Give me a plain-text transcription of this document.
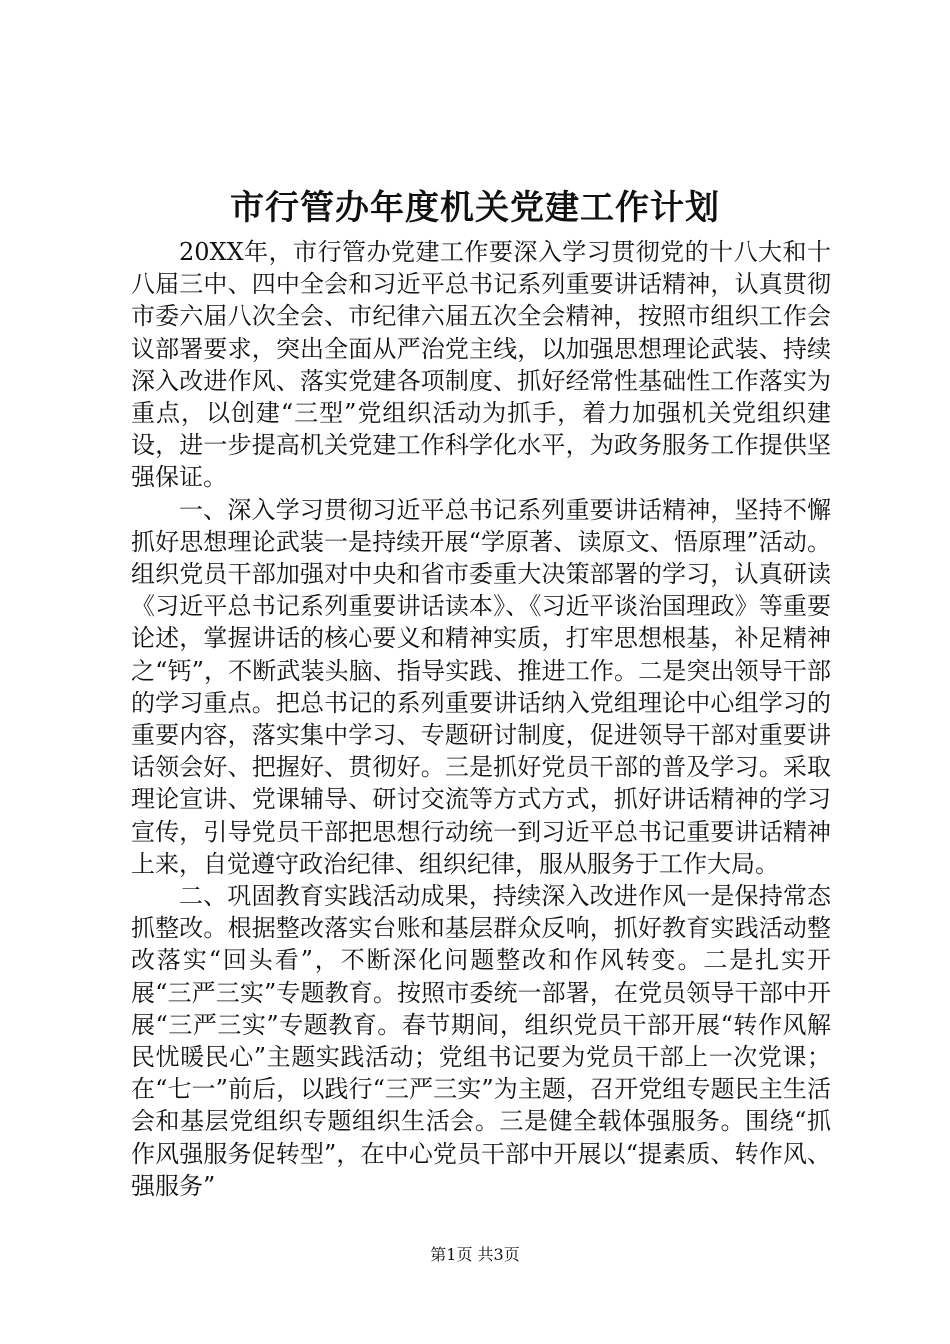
市行管办年度机关党建工作计划

20XX年，市行管办党建工作要深入学习贯彻党的十八大和十八届三中、四中全会和习近平总书记系列重要讲话精神，认真贯彻市委六届八次全会、市纪律六届五次全会精神，按照市组织工作会议部署要求，突出全面从严治党主线，以加强思想理论武装、持续深入改进作风、落实党建各项制度、抓好经常性基础性工作落实为重点，以创建“三型”党组织活动为抓手，着力加强机关党组织建设，进一步提高机关党建工作科学化水平，为政务服务工作提供坚强保证。

一、深入学习贯彻习近平总书记系列重要讲话精神，坚持不懈抓好思想理论武装一是持续开展“学原著、读原文、悟原理”活动。组织党员干部加强对中央和省市委重大决策部署的学习，认真研读《习近平总书记系列重要讲话读本》、《习近平谈治国理政》等重要论述，掌握讲话的核心要义和精神实质，打牢思想根基，补足精神之“钙”，不断武装头脑、指导实践、推进工作。二是突出领导干部的学习重点。把总书记的系列重要讲话纳入党组理论中心组学习的重要内容，落实集中学习、专题研讨制度，促进领导干部对重要讲话领会好、把握好、贯彻好。三是抓好党员干部的普及学习。采取理论宣讲、党课辅导、研讨交流等方式方式，抓好讲话精神的学习宣传，引导党员干部把思想行动统一到习近平总书记重要讲话精神上来，自觉遵守政治纪律、组织纪律，服从服务于工作大局。

二、巩固教育实践活动成果，持续深入改进作风一是保持常态抓整改。根据整改落实台账和基层群众反响，抓好教育实践活动整改落实“回头看”，不断深化问题整改和作风转变。二是扎实开展“三严三实”专题教育。按照市委统一部署，在党员领导干部中开展“三严三实”专题教育。春节期间，组织党员干部开展“转作风解民忧暖民心”主题实践活动；党组书记要为党员干部上一次党课；在“七一”前后，以践行“三严三实”为主题，召开党组专题民主生活会和基层党组织专题组织生活会。三是健全载体强服务。围绕“抓作风强服务促转型”，在中心党员干部中开展以“提素质、转作风、强服务”

第1页 共3页
